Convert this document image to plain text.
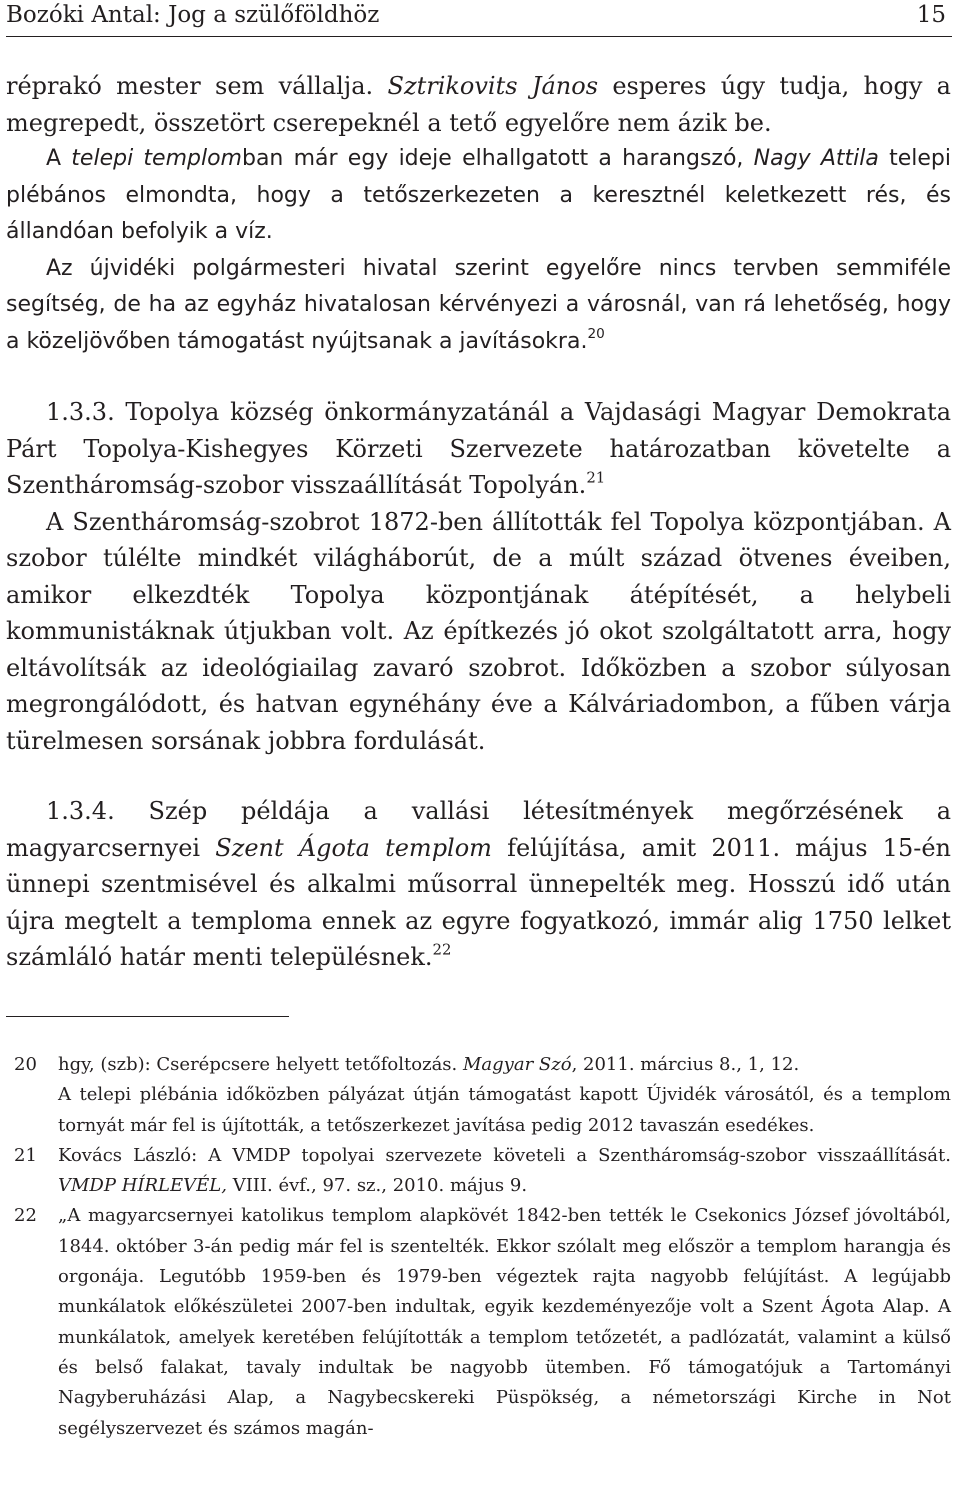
Bozóki Antal: Jog a szülőföldhöz	15

réprakó mester sem vállalja. Sztrikovits János esperes úgy tudja, hogy a megrepedt, összetört cserepeknél a tető egyelőre nem ázik be.

A telepi templomban már egy ideje elhallgatott a harangszó, Nagy Attila telepi plébános elmondta, hogy a tetőszerkezeten a keresztnél keletkezett rés, és állandóan befolyik a víz.

Az újvidéki polgármesteri hivatal szerint egyelőre nincs tervben semmiféle segítség, de ha az egyház hivatalosan kérvényezi a városnál, van rá lehetőség, hogy a közeljövőben támogatást nyújtsanak a javításokra.$^{20}$

1.3.3. Topolya község önkormányzatánál a Vajdasági Magyar Demokrata Párt Topolya-Kishegyes Körzeti Szervezete határozatban követelte a Szentháromság-szobor visszaállítását Topolyán.$^{21}$

A Szentháromság-szobrot 1872-ben állították fel Topolya központjában. A szobor túlélte mindkét világháborút, de a múlt század ötvenes éveiben, amikor elkezdték Topolya központjának átépítését, a helybeli kommunistáknak útjukban volt. Az építkezés jó okot szolgáltatott arra, hogy eltávolítsák az ideológiailag zavaró szobrot. Időközben a szobor súlyosan megrongálódott, és hatvan egynéhány éve a Kálváriadombon, a fűben várja türelmesen sorsának jobbra fordulását.

1.3.4. Szép példája a vallási létesítmények megőrzésének a magyarcsernyei Szent Ágota templom felújítása, amit 2011. május 15-én ünnepi szentmisével és alkalmi műsorral ünnepelték meg. Hosszú idő után újra megtelt a temploma ennek az egyre fogyatkozó, immár alig 1750 lelket számláló határ menti településnek.$^{22}$

20 hgy, (szb): Cserépcsere helyett tetőfoltozás. Magyar Szó, 2011. március 8., 1, 12.

A telepi plébánia időközben pályázat útján támogatást kapott Újvidék városától, és a templom tornyát már fel is újították, a tetőszerkezet javítása pedig 2012 tavaszán esedékes.

21 Kovács László: A VMDP topolyai szervezete követeli a Szentháromság-szobor visszaállítását. VMDP HÍRLEVÉL, VIII. évf., 97. sz., 2010. május 9.

22 „A magyarcsernyei katolikus templom alapkövét 1842-ben tették le Csekonics József jóvoltából, 1844. október 3-án pedig már fel is szentelték. Ekkor szólalt meg először a templom harangja és orgonája. Legutóbb 1959-ben és 1979-ben végeztek rajta nagyobb felújítást. A legújabb munkálatok előkészületei 2007-ben indultak, egyik kezdeményezője volt a Szent Ágota Alap. A munkálatok, amelyek keretében felújították a templom tetőzetét, a padlózatát, valamint a külső és belső falakat, tavaly indultak be nagyobb ütemben. Fő támogatójuk a Tartományi Nagyberuházási Alap, a Nagybecskereki Püspökség, a németországi Kirche in Not segélyszervezet és számos magán-
